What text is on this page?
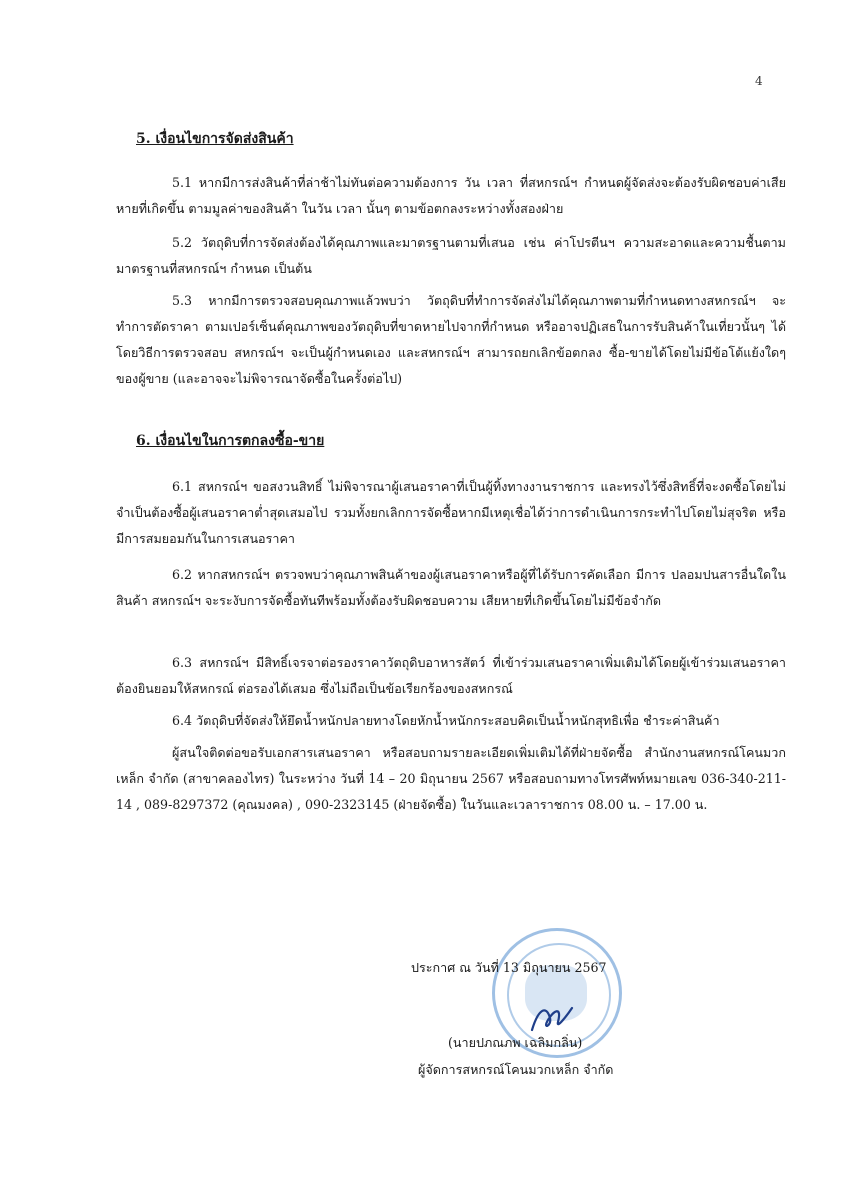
4
5. เงื่อนไขการจัดส่งสินค้า

5.1 หากมีการส่งสินค้าที่ล่าช้าไม่ทันต่อความต้องการ วัน เวลา ที่สหกรณ์ฯ กำหนดผู้จัดส่งจะต้องรับผิดชอบค่าเสียหายที่เกิดขึ้น ตามมูลค่าของสินค้า ในวัน เวลา นั้นๆ ตามข้อตกลงระหว่างทั้งสองฝ่าย

5.2 วัตถุดิบที่การจัดส่งต้องได้คุณภาพและมาตรฐานตามที่เสนอ เช่น ค่าโปรตีนฯ ความสะอาดและความชื้นตามมาตรฐานที่สหกรณ์ฯ กำหนด เป็นต้น

5.3 หากมีการตรวจสอบคุณภาพแล้วพบว่า วัตถุดิบที่ทำการจัดส่งไม่ได้คุณภาพตามที่กำหนดทางสหกรณ์ฯ จะทำการตัดราคา ตามเปอร์เซ็นต์คุณภาพของวัตถุดิบที่ขาดหายไปจากที่กำหนด หรืออาจปฏิเสธในการรับสินค้าในเที่ยวนั้นๆ ได้ โดยวิธีการตรวจสอบ สหกรณ์ฯ จะเป็นผู้กำหนดเอง และสหกรณ์ฯ สามารถยกเลิกข้อตกลง ซื้อ-ขายได้โดยไม่มีข้อโต้แย้งใดๆ ของผู้ขาย (และอาจจะไม่พิจารณาจัดซื้อในครั้งต่อไป)

6. เงื่อนไขในการตกลงซื้อ-ขาย

6.1 สหกรณ์ฯ ขอสงวนสิทธิ์ ไม่พิจารณาผู้เสนอราคาที่เป็นผู้ทิ้งทางงานราชการ และทรงไว้ซึ่งสิทธิ์ที่จะงดซื้อโดยไม่จำเป็นต้องซื้อผู้เสนอราคาต่ำสุดเสมอไป รวมทั้งยกเลิกการจัดซื้อหากมีเหตุเชื่อได้ว่าการดำเนินการกระทำไปโดยไม่สุจริต หรือมีการสมยอมกันในการเสนอราคา

6.2 หากสหกรณ์ฯ ตรวจพบว่าคุณภาพสินค้าของผู้เสนอราคาหรือผู้ที่ได้รับการคัดเลือก มีการ ปลอมปนสารอื่นใดในสินค้า สหกรณ์ฯ จะระงับการจัดซื้อทันทีพร้อมทั้งต้องรับผิดชอบความ เสียหายที่เกิดขึ้นโดยไม่มีข้อจำกัด

6.3 สหกรณ์ฯ มีสิทธิ์เจรจาต่อรองราคาวัตถุดิบอาหารสัตว์ ที่เข้าร่วมเสนอราคาเพิ่มเติมได้โดยผู้เข้าร่วมเสนอราคา ต้องยินยอมให้สหกรณ์ ต่อรองได้เสมอ ซึ่งไม่ถือเป็นข้อเรียกร้องของสหกรณ์

6.4 วัตถุดิบที่จัดส่งให้ยึดน้ำหนักปลายทางโดยหักน้ำหนักกระสอบคิดเป็นน้ำหนักสุทธิเพื่อ ชำระค่าสินค้า

ผู้สนใจติดต่อขอรับเอกสารเสนอราคา หรือสอบถามรายละเอียดเพิ่มเติมได้ที่ฝ่ายจัดซื้อ สำนักงานสหกรณ์โคนมวกเหล็ก จำกัด (สาขาคลองไทร) ในระหว่าง วันที่ 14 – 20 มิถุนายน 2567 หรือสอบถามทางโทรศัพท์หมายเลข 036-340-211-14 , 089-8297372 (คุณมงคล) , 090-2323145 (ฝ่ายจัดซื้อ) ในวันและเวลาราชการ 08.00 น. – 17.00 น.

ประกาศ ณ วันที่ 13 มิถุนายน 2567
(นายปภณภพ เฉลิมกลิ่น)
ผู้จัดการสหกรณ์โคนมวกเหล็ก จำกัด
